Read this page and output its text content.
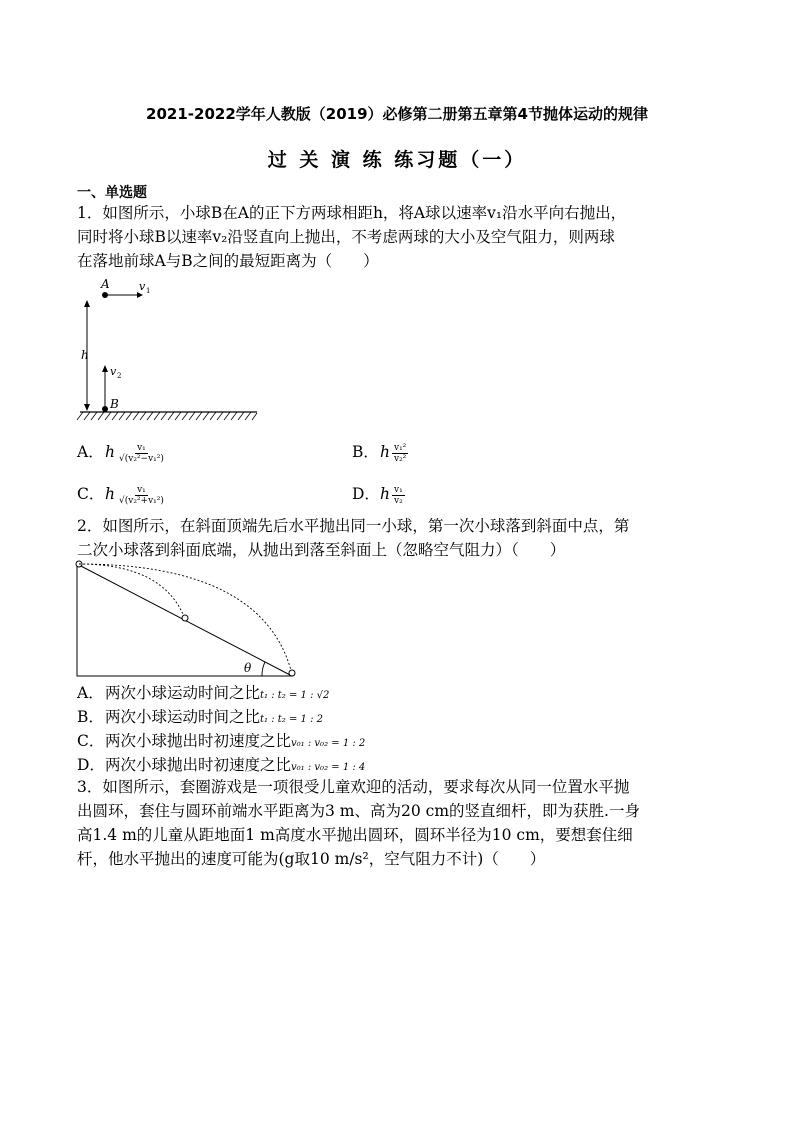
2021-2022学年人教版（2019）必修第二册第五章第4节抛体运动的规律
过 关 演 练 练习题（一）
一、单选题
1．如图所示，小球B在A的正下方两球相距h，将A球以速率v₁沿水平向右抛出，
同时将小球B以速率v₂沿竖直向上抛出，不考虑两球的大小及空气阻力，则两球
在落地前球A与B之间的最短距离为（　　）
A	v 1
h
v 2
B
A．h $\frac{\text{v₁}}{\text{√(v₂²−v₁²)}}$	B．h $\frac{\text{v₁²}}{\text{v₂²}}$
C．h $\frac{\text{v₁}}{\text{√(v₂²+v₁²)}}$	D．h $\frac{\text{v₁}}{\text{v₂}}$
2．如图所示，在斜面顶端先后水平抛出同一小球，第一次小球落到斜面中点，第
二次小球落到斜面底端，从抛出到落至斜面上（忽略空气阻力）（　　）
θ
A．两次小球运动时间之比t₁ : t₂ = 1 : √2
B．两次小球运动时间之比t₁ : t₂ = 1 : 2
C．两次小球抛出时初速度之比v₀₁ : v₀₂ = 1 : 2
D．两次小球抛出时初速度之比v₀₁ : v₀₂ = 1 : 4
3．如图所示，套圈游戏是一项很受儿童欢迎的活动，要求每次从同一位置水平抛
出圆环，套住与圆环前端水平距离为3 m、高为20 cm的竖直细杆，即为获胜.一身
高1.4 m的儿童从距地面1 m高度水平抛出圆环，圆环半径为10 cm，要想套住细
杆，他水平抛出的速度可能为(g取10 m/s²，空气阻力不计)（　　）
